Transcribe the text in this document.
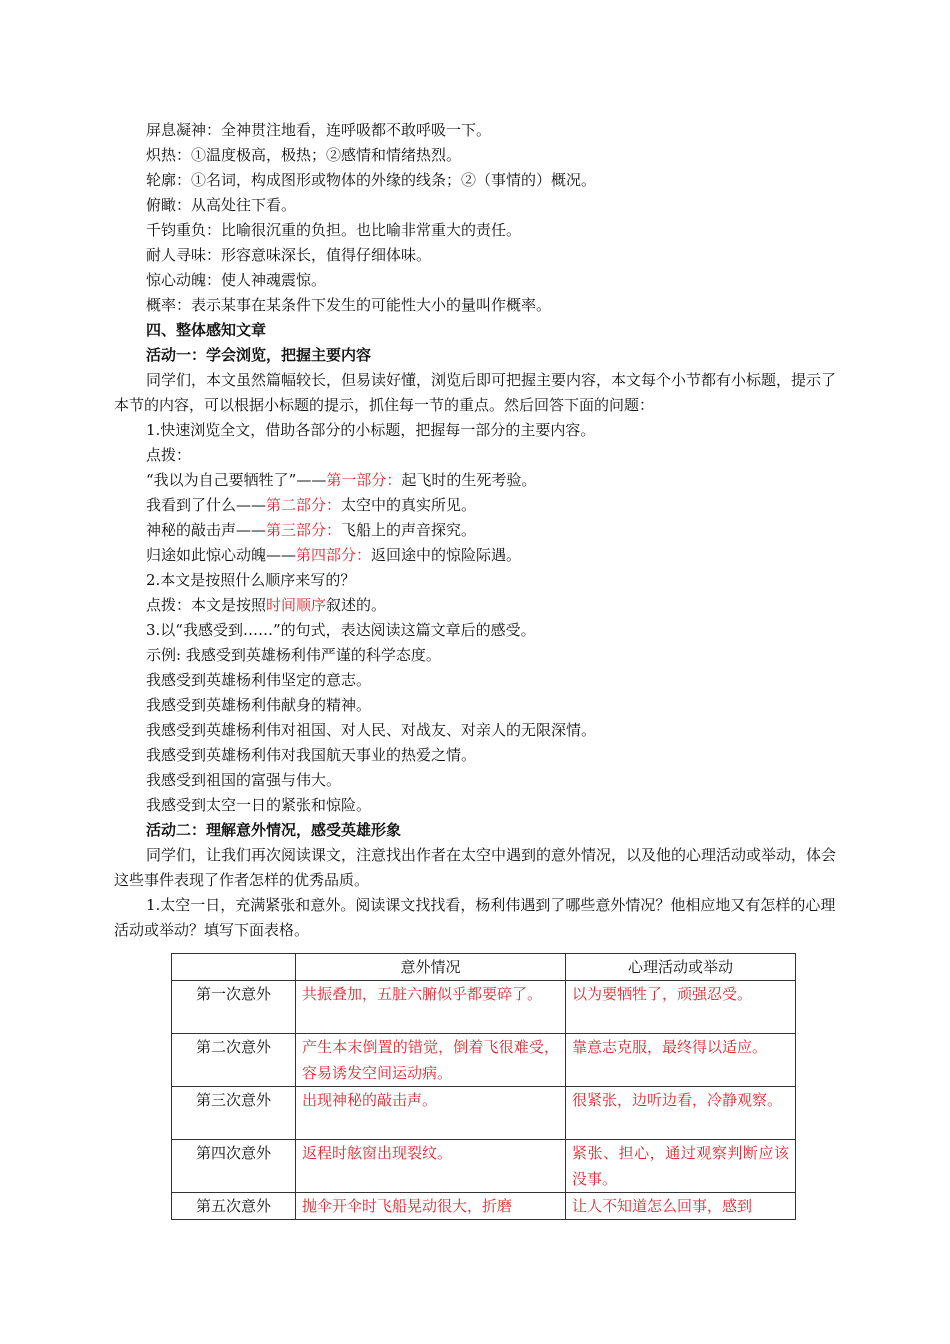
屏息凝神：全神贯注地看，连呼吸都不敢呼吸一下。

炽热：①温度极高，极热；②感情和情绪热烈。

轮廓：①名词，构成图形或物体的外缘的线条；②（事情的）概况。

俯瞰：从高处往下看。

千钧重负：比喻很沉重的负担。也比喻非常重大的责任。

耐人寻味：形容意味深长，值得仔细体味。

惊心动魄：使人神魂震惊。

概率：表示某事在某条件下发生的可能性大小的量叫作概率。

四、整体感知文章

活动一：学会浏览，把握主要内容

同学们，本文虽然篇幅较长，但易读好懂，浏览后即可把握主要内容，本文每个小节都有小标题，提示了本节的内容，可以根据小标题的提示，抓住每一节的重点。然后回答下面的问题：

1.快速浏览全文，借助各部分的小标题，把握每一部分的主要内容。

点拨：

“我以为自己要牺牲了”——第一部分：起飞时的生死考验。

我看到了什么——第二部分：太空中的真实所见。

神秘的敲击声——第三部分：飞船上的声音探究。

归途如此惊心动魄——第四部分：返回途中的惊险际遇。

2.本文是按照什么顺序来写的？

点拨：本文是按照时间顺序叙述的。

3.以“我感受到……”的句式，表达阅读这篇文章后的感受。

示例: 我感受到英雄杨利伟严谨的科学态度。

我感受到英雄杨利伟坚定的意志。

我感受到英雄杨利伟献身的精神。

我感受到英雄杨利伟对祖国、对人民、对战友、对亲人的无限深情。

我感受到英雄杨利伟对我国航天事业的热爱之情。

我感受到祖国的富强与伟大。

我感受到太空一日的紧张和惊险。

活动二：理解意外情况，感受英雄形象

同学们，让我们再次阅读课文，注意找出作者在太空中遇到的意外情况，以及他的心理活动或举动，体会这些事件表现了作者怎样的优秀品质。

1.太空一日，充满紧张和意外。阅读课文找找看，杨利伟遇到了哪些意外情况？他相应地又有怎样的心理活动或举动？填写下面表格。

	意外情况	心理活动或举动
第一次意外	共振叠加，五脏六腑似乎都要碎了。	以为要牺牲了，顽强忍受。
第二次意外	产生本末倒置的错觉，倒着飞很难受，容易诱发空间运动病。	靠意志克服，最终得以适应。
第三次意外	出现神秘的敲击声。	很紧张，边听边看，冷静观察。
第四次意外	返程时舷窗出现裂纹。	紧张、担心，通过观察判断应该没事。
第五次意外	抛伞开伞时飞船晃动很大，折磨	让人不知道怎么回事，感到
